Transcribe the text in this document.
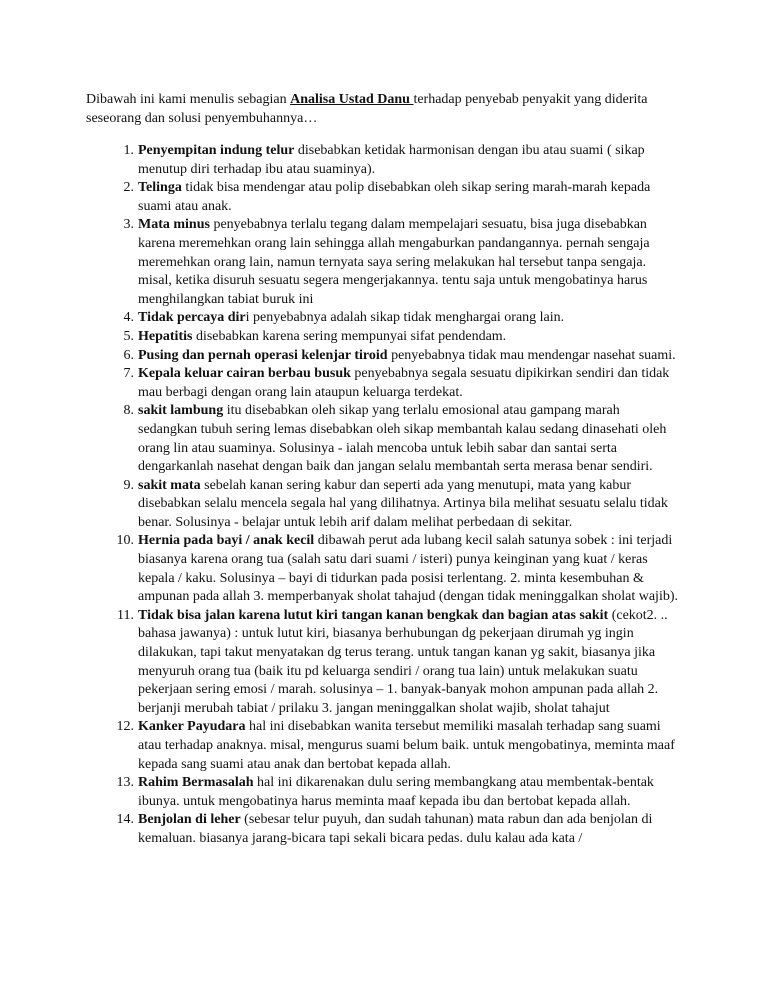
Dibawah ini kami menulis sebagian Analisa Ustad Danu terhadap penyebab penyakit yang diderita seseorang dan solusi penyembuhannya…

1. Penyempitan indung telur disebabkan ketidak harmonisan dengan ibu atau suami ( sikap menutup diri terhadap ibu atau suaminya).
2. Telinga tidak bisa mendengar atau polip disebabkan oleh sikap sering marah-marah kepada suami atau anak.
3. Mata minus penyebabnya terlalu tegang dalam mempelajari sesuatu, bisa juga disebabkan karena meremehkan orang lain sehingga allah mengaburkan pandangannya. pernah sengaja meremehkan orang lain, namun ternyata saya sering melakukan hal tersebut tanpa sengaja. misal, ketika disuruh sesuatu segera mengerjakannya. tentu saja untuk mengobatinya harus menghilangkan tabiat buruk ini
4. Tidak percaya diri penyebabnya adalah sikap tidak menghargai orang lain.
5. Hepatitis disebabkan karena sering mempunyai sifat pendendam.
6. Pusing dan pernah operasi kelenjar tiroid penyebabnya tidak mau mendengar nasehat suami.
7. Kepala keluar cairan berbau busuk penyebabnya segala sesuatu dipikirkan sendiri dan tidak mau berbagi dengan orang lain ataupun keluarga terdekat.
8. sakit lambung itu disebabkan oleh sikap yang terlalu emosional atau gampang marah sedangkan tubuh sering lemas disebabkan oleh sikap membantah kalau sedang dinasehati oleh orang lin atau suaminya. Solusinya - ialah mencoba untuk lebih sabar dan santai serta dengarkanlah nasehat dengan baik dan jangan selalu membantah serta merasa benar sendiri.
9. sakit mata sebelah kanan sering kabur dan seperti ada yang menutupi, mata yang kabur disebabkan selalu mencela segala hal yang dilihatnya. Artinya bila melihat sesuatu selalu tidak benar. Solusinya - belajar untuk lebih arif dalam melihat perbedaan di sekitar.
10. Hernia pada bayi / anak kecil dibawah perut ada lubang kecil salah satunya sobek : ini terjadi biasanya karena orang tua (salah satu dari suami / isteri) punya keinginan yang kuat / keras kepala / kaku. Solusinya – bayi di tidurkan pada posisi terlentang. 2. minta kesembuhan & ampunan pada allah 3. memperbanyak sholat tahajud (dengan tidak meninggalkan sholat wajib).
11. Tidak bisa jalan karena lutut kiri tangan kanan bengkak dan bagian atas sakit (cekot2. .. bahasa jawanya) : untuk lutut kiri, biasanya berhubungan dg pekerjaan dirumah yg ingin dilakukan, tapi takut menyatakan dg terus terang. untuk tangan kanan yg sakit, biasanya jika menyuruh orang tua (baik itu pd keluarga sendiri / orang tua lain) untuk melakukan suatu pekerjaan sering emosi / marah. solusinya – 1. banyak-banyak mohon ampunan pada allah 2. berjanji merubah tabiat / prilaku 3. jangan meninggalkan sholat wajib, sholat tahajut
12. Kanker Payudara hal ini disebabkan wanita tersebut memiliki masalah terhadap sang suami atau terhadap anaknya. misal, mengurus suami belum baik. untuk mengobatinya, meminta maaf kepada sang suami atau anak dan bertobat kepada allah.
13. Rahim Bermasalah hal ini dikarenakan dulu sering membangkang atau membentak-bentak ibunya. untuk mengobatinya harus meminta maaf kepada ibu dan bertobat kepada allah.
14. Benjolan di leher (sebesar telur puyuh, dan sudah tahunan) mata rabun dan ada benjolan di kemaluan. biasanya jarang-bicara tapi sekali bicara pedas. dulu kalau ada kata /
